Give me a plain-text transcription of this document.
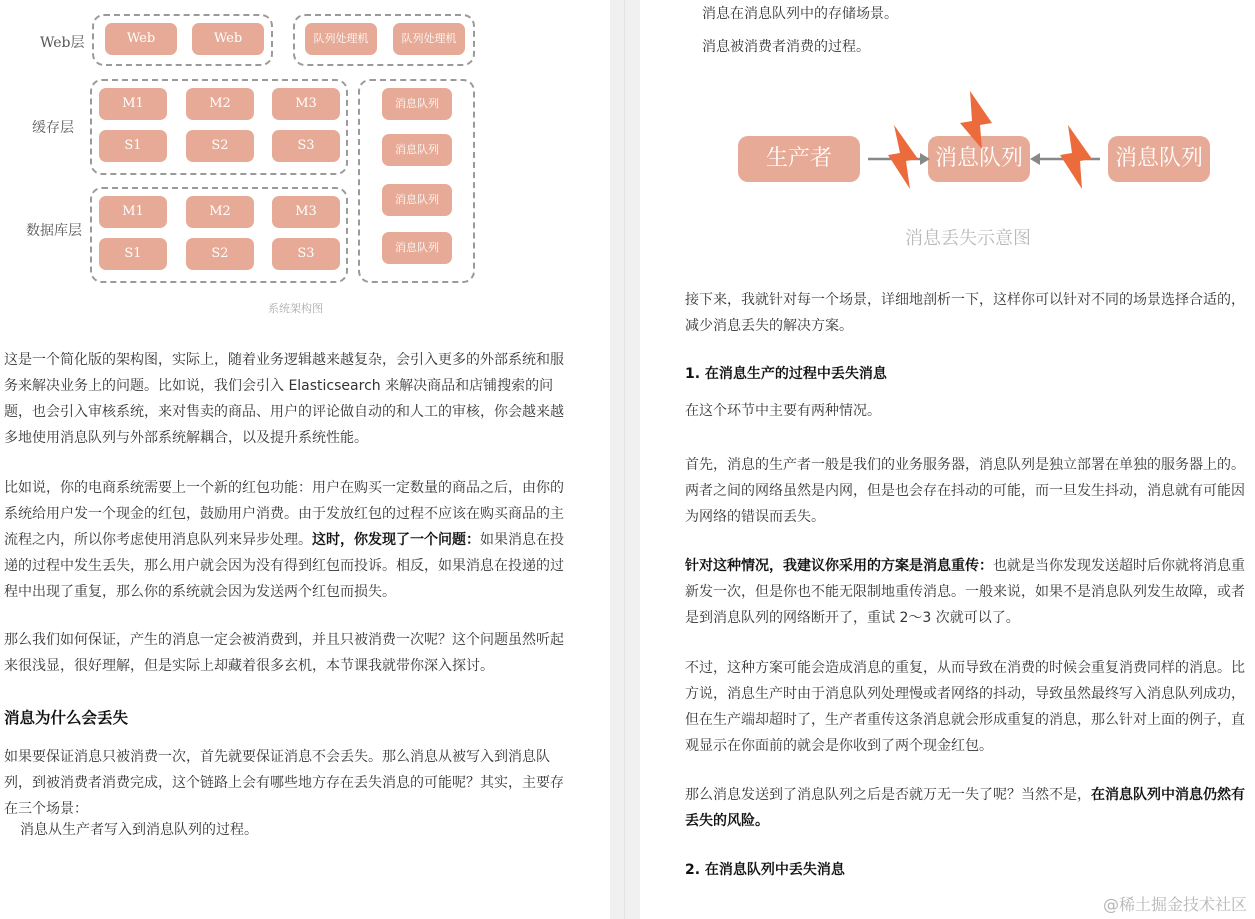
Web层
缓存层
数据库层
Web	Web	队列处理机	队列处理机
M1	M2	M3
S1	S2	S3
M1	M2	M3
S1	S2	S3
消息队列
消息队列
消息队列
消息队列
系统架构图

这是一个简化版的架构图，实际上，随着业务逻辑越来越复杂，会引入更多的外部系统和服

务来解决业务上的问题。比如说，我们会引入 Elasticsearch 来解决商品和店铺搜索的问

题，也会引入审核系统，来对售卖的商品、用户的评论做自动的和人工的审核，你会越来越

多地使用消息队列与外部系统解耦合，以及提升系统性能。

比如说，你的电商系统需要上一个新的红包功能：用户在购买一定数量的商品之后，由你的

系统给用户发一个现金的红包，鼓励用户消费。由于发放红包的过程不应该在购买商品的主

流程之内，所以你考虑使用消息队列来异步处理。这时，你发现了一个问题：如果消息在投

递的过程中发生丢失，那么用户就会因为没有得到红包而投诉。相反，如果消息在投递的过

程中出现了重复，那么你的系统就会因为发送两个红包而损失。

那么我们如何保证，产生的消息一定会被消费到，并且只被消费一次呢？这个问题虽然听起

来很浅显，很好理解，但是实际上却藏着很多玄机，本节课我就带你深入探讨。

消息为什么会丢失

如果要保证消息只被消费一次，首先就要保证消息不会丢失。那么消息从被写入到消息队

列，到被消费者消费完成，这个链路上会有哪些地方存在丢失消息的可能呢？其实，主要存

在三个场景：

消息从生产者写入到消息队列的过程。
消息在消息队列中的存储场景。
消息被消费者消费的过程。
生产者	消息队列	消息队列
消息丢失示意图

接下来，我就针对每一个场景，详细地剖析一下，这样你可以针对不同的场景选择合适的，

减少消息丢失的解决方案。

1. 在消息生产的过程中丢失消息
在这个环节中主要有两种情况。

首先，消息的生产者一般是我们的业务服务器，消息队列是独立部署在单独的服务器上的。

两者之间的网络虽然是内网，但是也会存在抖动的可能，而一旦发生抖动，消息就有可能因

为网络的错误而丢失。

针对这种情况，我建议你采用的方案是消息重传：也就是当你发现发送超时后你就将消息重

新发一次，但是你也不能无限制地重传消息。一般来说，如果不是消息队列发生故障，或者

是到消息队列的网络断开了，重试 2～3 次就可以了。

不过，这种方案可能会造成消息的重复，从而导致在消费的时候会重复消费同样的消息。比

方说，消息生产时由于消息队列处理慢或者网络的抖动，导致虽然最终写入消息队列成功，

但在生产端却超时了，生产者重传这条消息就会形成重复的消息，那么针对上面的例子，直

观显示在你面前的就会是你收到了两个现金红包。

那么消息发送到了消息队列之后是否就万无一失了呢？当然不是，在消息队列中消息仍然有

丢失的风险。

2. 在消息队列中丢失消息
@稀土掘金技术社区
